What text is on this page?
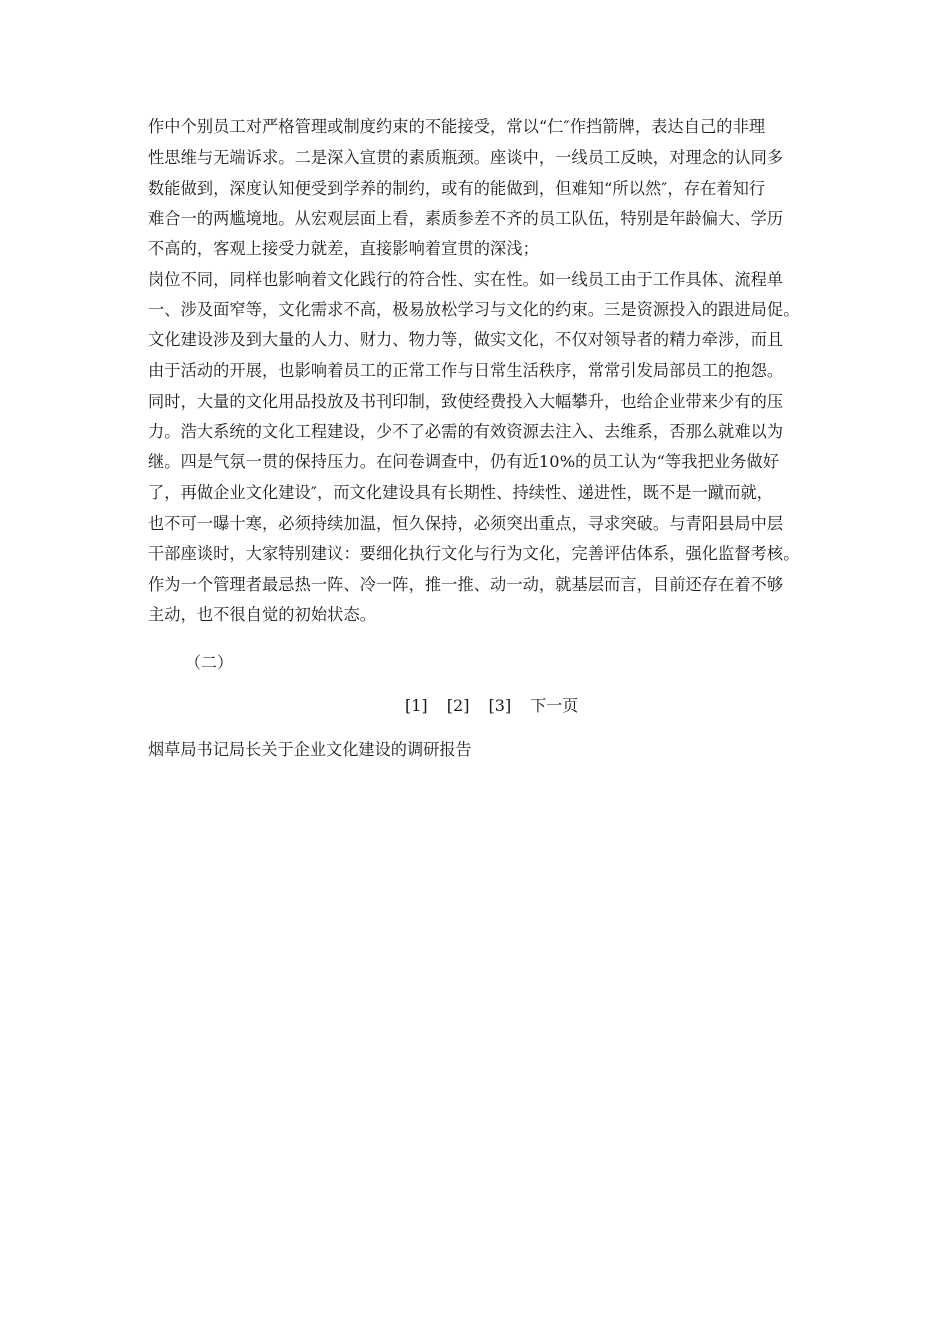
作中个别员工对严格管理或制度约束的不能接受，常以“仁″作挡箭牌，表达自己的非理
性思维与无端诉求。二是深入宣贯的素质瓶颈。座谈中，一线员工反映，对理念的认同多
数能做到，深度认知便受到学养的制约，或有的能做到，但难知“所以然″，存在着知行
难合一的两尴境地。从宏观层面上看，素质参差不齐的员工队伍，特别是年龄偏大、学历
不高的，客观上接受力就差，直接影响着宣贯的深浅；
岗位不同，同样也影响着文化践行的符合性、实在性。如一线员工由于工作具体、流程单
一、涉及面窄等，文化需求不高，极易放松学习与文化的约束。三是资源投入的跟进局促。
文化建设涉及到大量的人力、财力、物力等，做实文化，不仅对领导者的精力牵涉，而且
由于活动的开展，也影响着员工的正常工作与日常生活秩序，常常引发局部员工的抱怨。
同时，大量的文化用品投放及书刊印制，致使经费投入大幅攀升，也给企业带来少有的压
力。浩大系统的文化工程建设，少不了必需的有效资源去注入、去维系，否那么就难以为
继。四是气氛一贯的保持压力。在问卷调查中，仍有近10%的员工认为“等我把业务做好
了，再做企业文化建设″，而文化建设具有长期性、持续性、递进性，既不是一蹴而就，
也不可一曝十寒，必须持续加温，恒久保持，必须突出重点，寻求突破。与青阳县局中层
干部座谈时，大家特别建议：要细化执行文化与行为文化，完善评估体系，强化监督考核。
作为一个管理者最忌热一阵、冷一阵，推一推、动一动，就基层而言，目前还存在着不够
主动，也不很自觉的初始状态。
（二）
[1] [2] [3] 下一页
烟草局书记局长关于企业文化建设的调研报告
